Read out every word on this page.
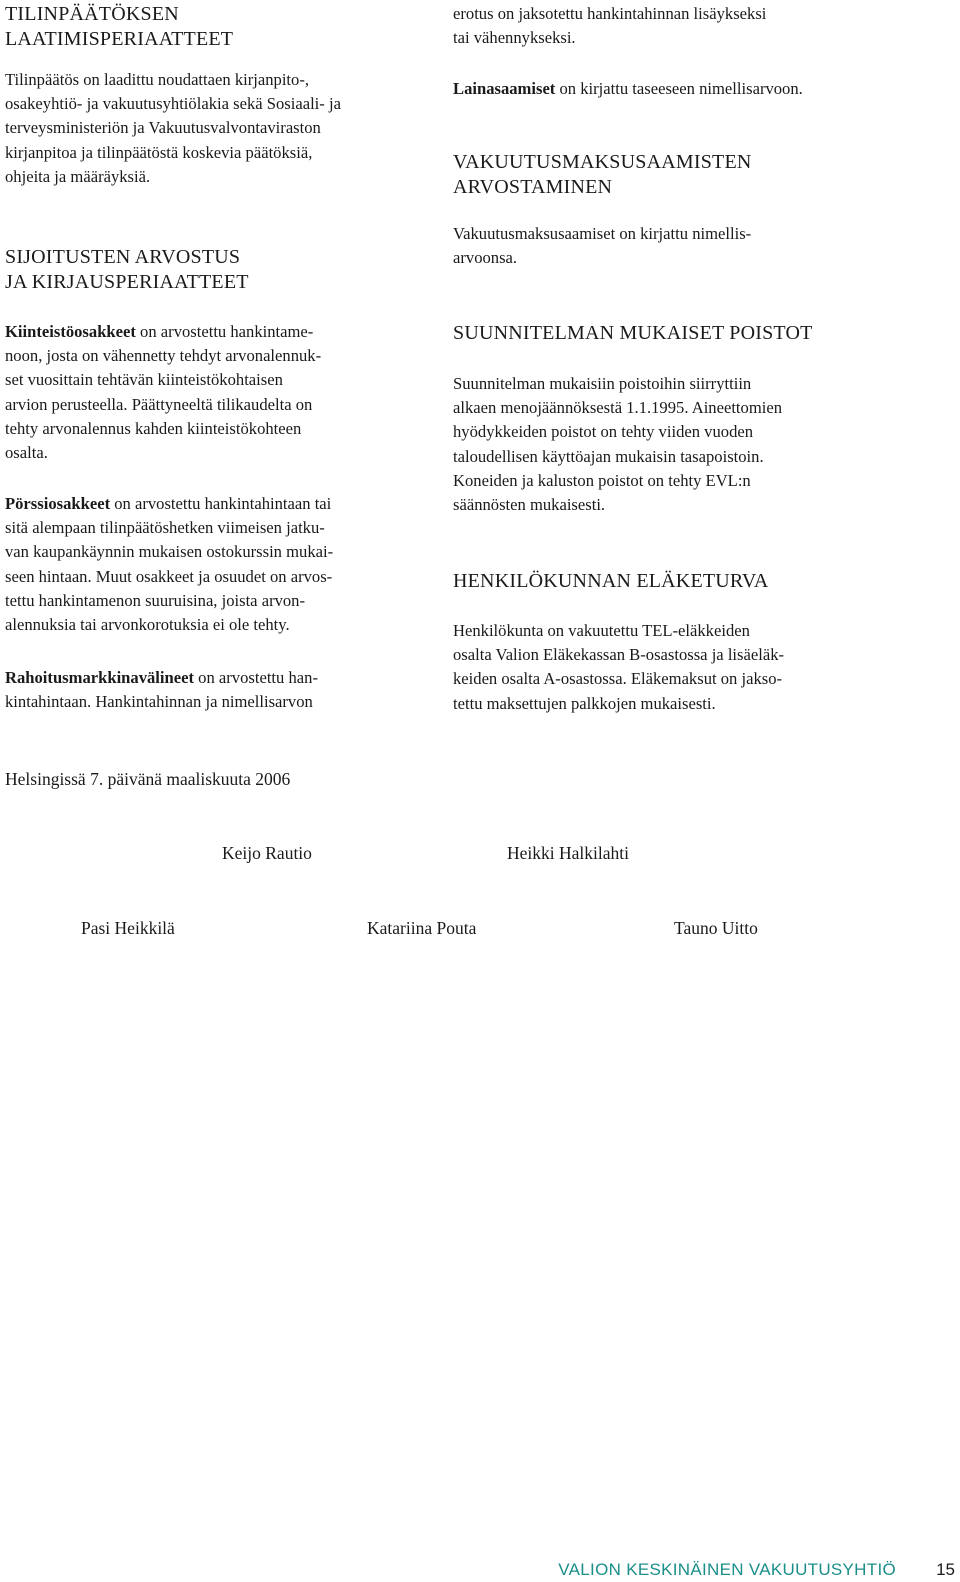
TILINPÄÄTÖKSEN
LAATIMISPERIAATTEET

Tilinpäätös on laadittu noudattaen kirjanpito-,
osakeyhtiö- ja vakuutusyhtiölakia sekä Sosiaali- ja
terveysministeriön ja Vakuutusvalvontaviraston
kirjanpitoa ja tilinpäätöstä koskevia päätöksiä,
ohjeita ja määräyksiä.

SIJOITUSTEN ARVOSTUS
JA KIRJAUSPERIAATTEET

Kiinteistöosakkeet on arvostettu hankintame-
noon, josta on vähennetty tehdyt arvonalennuk-
set vuosittain tehtävän kiinteistökohtaisen
arvion perusteella. Päättyneeltä tilikaudelta on
tehty arvonalennus kahden kiinteistökohteen
osalta.

Pörssiosakkeet on arvostettu hankintahintaan tai
sitä alempaan tilinpäätöshetken viimeisen jatku-
van kaupankäynnin mukaisen ostokurssin mukai-
seen hintaan. Muut osakkeet ja osuudet on arvos-
tettu hankintamenon suuruisina, joista arvon-
alennuksia tai arvonkorotuksia ei ole tehty.

Rahoitusmarkkinavälineet on arvostettu han-
kintahintaan. Hankintahinnan ja nimellisarvon

erotus on jaksotettu hankintahinnan lisäykseksi
tai vähennykseksi.

Lainasaamiset on kirjattu taseeseen nimellisarvoon.

VAKUUTUSMAKSUSAAMISTEN
ARVOSTAMINEN

Vakuutusmaksusaamiset on kirjattu nimellis-
arvoonsa.

SUUNNITELMAN MUKAISET POISTOT

Suunnitelman mukaisiin poistoihin siirryttiin
alkaen menojäännöksestä 1.1.1995. Aineettomien
hyödykkeiden poistot on tehty viiden vuoden
taloudellisen käyttöajan mukaisin tasapoistoin.
Koneiden ja kaluston poistot on tehty EVL:n
säännösten mukaisesti.

HENKILÖKUNNAN ELÄKETURVA

Henkilökunta on vakuutettu TEL-eläkkeiden
osalta Valion Eläkekassan B-osastossa ja lisäeläk-
keiden osalta A-osastossa. Eläkemaksut on jakso-
tettu maksettujen palkkojen mukaisesti.

Helsingissä 7. päivänä maaliskuuta 2006
Keijo Rautio	Heikki Halkilahti
Pasi Heikkilä	Katariina Pouta	Tauno Uitto
VALION KESKINÄINEN VAKUUTUSYHTIÖ 15
